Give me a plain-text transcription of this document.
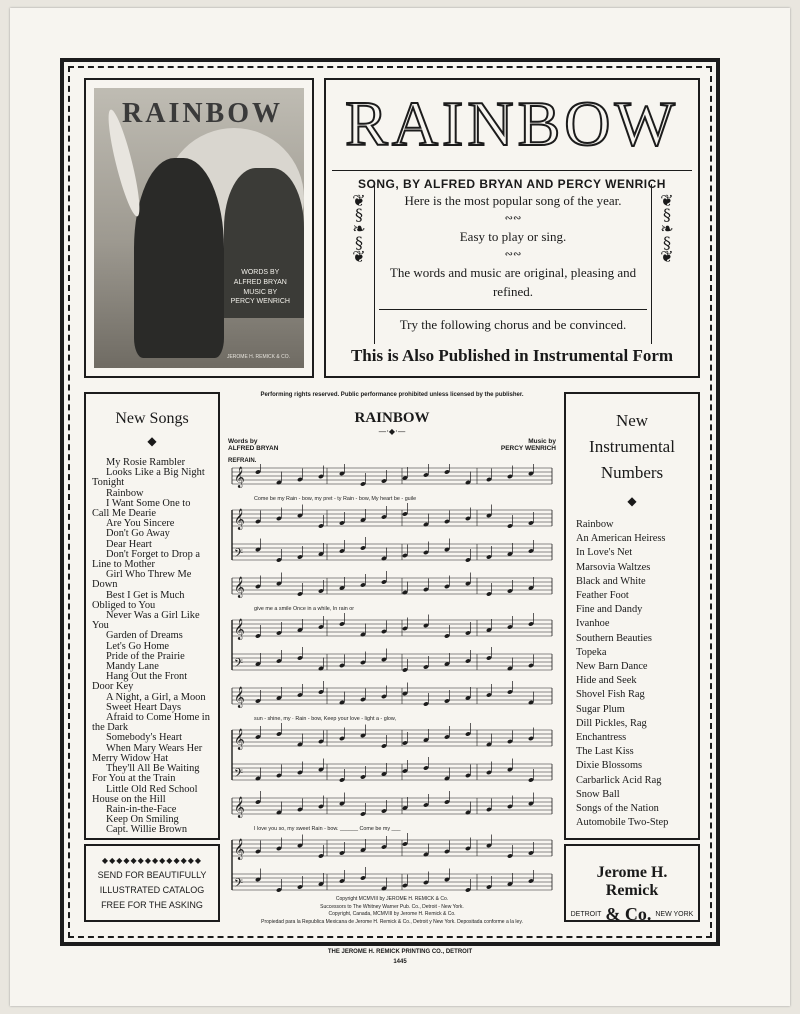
RAINBOW
WORDS BY
ALFRED BRYAN
MUSIC BY
PERCY WENRICH
JEROME H. REMICK & CO.
RAINBOW
SONG, BY ALFRED BRYAN AND PERCY WENRICH
❦
§
❧
§
❦
Here is the most popular song of the year.
∾∾
Easy to play or sing.
∾∾
The words and music are original, pleasing and refined.
Try the following chorus and be convinced.
❦
§
❧
§
❦
This is Also Published in Instrumental Form
New Songs
◆
My Rosie Rambler
Looks Like a Big Night Tonight
Rainbow
I Want Some One to Call Me Dearie
Are You Sincere
Don't Go Away
Dear Heart
Don't Forget to Drop a Line to Mother
Girl Who Threw Me Down
Best I Get is Much Obliged to You
Never Was a Girl Like You
Garden of Dreams
Let's Go Home
Pride of the Prairie
Mandy Lane
Hang Out the Front Door Key
A Night, a Girl, a Moon
Sweet Heart Days
Afraid to Come Home in the Dark
Somebody's Heart
When Mary Wears Her Merry Widow Hat
They'll All Be Waiting For You at the Train
Little Old Red School House on the Hill
Rain-in-the-Face
Keep On Smiling
Capt. Willie Brown
◆◆◆◆◆◆◆◆◆◆◆◆◆◆
SEND FOR BEAUTIFULLY
ILLUSTRATED CATALOG
FREE FOR THE ASKING
Performing rights reserved. Public performance prohibited unless licensed by the publisher.
RAINBOW
—·◆·—
Words by
ALFRED BRYAN
Music by
PERCY WENRICH
REFRAIN.
𝄞
𝄞
𝄢
Come be my Rain - bow, my pret - ty Rain - bow, My heart be - guile
𝄞
𝄞
𝄢
give me a smile Once in a while, In rain or
𝄞
𝄞
𝄢
sun - shine, my · Rain - bow, Keep your love - light a - glow,
𝄞
𝄞
𝄢
I love you so, my sweet Rain - bow. ______ Come be my ___
Copyright MCMVIII by JEROME H. REMICK & Co.
Successors to The Whitney Warner Pub. Co., Detroit - New York.
Copyright, Canada, MCMVIII by Jerome H. Remick & Co.
Propiedad para la Republica Mexicana de Jerome H. Remick & Co., Detroit y New York. Depositada conforme a la ley.
New
Instrumental
Numbers
◆
Rainbow
An American Heiress
In Love's Net
Marsovia Waltzes
Black and White
Feather Foot
Fine and Dandy
Ivanhoe
Southern Beauties
Topeka
New Barn Dance
Hide and Seek
Shovel Fish Rag
Sugar Plum
Dill Pickles, Rag
Enchantress
The Last Kiss
Dixie Blossoms
Carbarlick Acid Rag
Snow Ball
Songs of the Nation
Automobile Two-Step
Jerome H. Remick
DETROIT & Co. NEW YORK
THE JEROME H. REMICK PRINTING CO., DETROIT
1445
